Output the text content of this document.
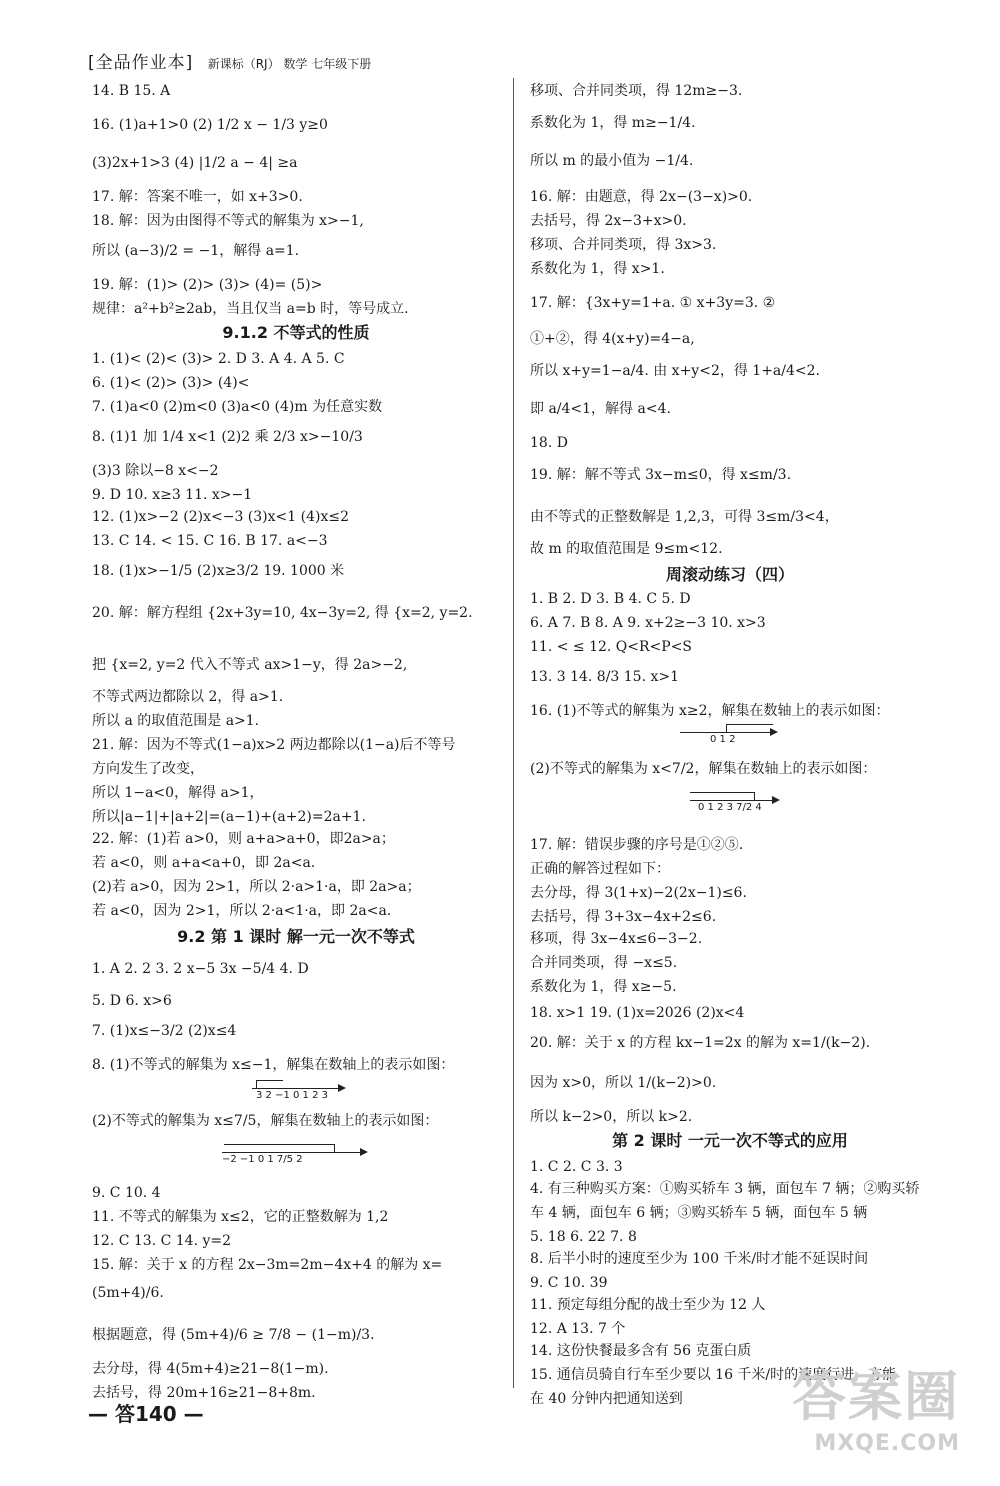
[全品作业本] 新课标（RJ） 数学 七年级下册
14. B 15. A
16. (1)a+1>0 (2) 1/2 x − 1/3 y≥0
(3)2x+1>3 (4) |1/2 a − 4| ≥a
17. 解：答案不唯一，如 x+3>0.
18. 解：因为由图得不等式的解集为 x>−1,
所以 (a−3)/2 = −1，解得 a=1.
19. 解：(1)> (2)> (3)> (4)= (5)>
规律：a²+b²≥2ab，当且仅当 a=b 时，等号成立.
9.1.2 不等式的性质
1. (1)< (2)< (3)> 2. D 3. A 4. A 5. C
6. (1)< (2)> (3)> (4)<
7. (1)a<0 (2)m<0 (3)a<0 (4)m 为任意实数
8. (1)1 加 1/4 x<1 (2)2 乘 2/3 x>−10/3
(3)3 除以−8 x<−2
9. D 10. x≥3 11. x>−1
12. (1)x>−2 (2)x<−3 (3)x<1 (4)x≤2
13. C 14. < 15. C 16. B 17. a<−3
18. (1)x>−1/5 (2)x≥3/2 19. 1000 米
20. 解：解方程组 {2x+3y=10, 4x−3y=2, 得 {x=2, y=2.
把 {x=2, y=2 代入不等式 ax>1−y，得 2a>−2,
不等式两边都除以 2，得 a>1.
所以 a 的取值范围是 a>1.
21. 解：因为不等式(1−a)x>2 两边都除以(1−a)后不等号
方向发生了改变，
所以 1−a<0，解得 a>1，
所以|a−1|+|a+2|=(a−1)+(a+2)=2a+1.
22. 解：(1)若 a>0，则 a+a>a+0，即2a>a；
若 a<0，则 a+a<a+0，即 2a<a.
(2)若 a>0，因为 2>1，所以 2·a>1·a，即 2a>a；
若 a<0，因为 2>1，所以 2·a<1·a，即 2a<a.
9.2 第 1 课时 解一元一次不等式
1. A 2. 2 3. 2 x−5 3x −5/4 4. D
5. D 6. x>6
7. (1)x≤−3/2 (2)x≤4
8. (1)不等式的解集为 x≤−1，解集在数轴上的表示如图：
3 2 −1 0 1 2 3
(2)不等式的解集为 x≤7/5，解集在数轴上的表示如图：
−2 −1 0 1 7/5 2
9. C 10. 4
11. 不等式的解集为 x≤2，它的正整数解为 1,2
12. C 13. C 14. y=2
15. 解：关于 x 的方程 2x−3m=2m−4x+4 的解为 x=
(5m+4)/6.
根据题意，得 (5m+4)/6 ≥ 7/8 − (1−m)/3.
去分母，得 4(5m+4)≥21−8(1−m).
去括号，得 20m+16≥21−8+8m.
移项、合并同类项，得 12m≥−3.
系数化为 1，得 m≥−1/4.
所以 m 的最小值为 −1/4.
16. 解：由题意，得 2x−(3−x)>0.
去括号，得 2x−3+x>0.
移项、合并同类项，得 3x>3.
系数化为 1，得 x>1.
17. 解：{3x+y=1+a. ① x+3y=3. ②
①+②，得 4(x+y)=4−a,
所以 x+y=1−a/4. 由 x+y<2，得 1+a/4<2.
即 a/4<1，解得 a<4.
18. D
19. 解：解不等式 3x−m≤0，得 x≤m/3.
由不等式的正整数解是 1,2,3，可得 3≤m/3<4，
故 m 的取值范围是 9≤m<12.
周滚动练习（四）
1. B 2. D 3. B 4. C 5. D
6. A 7. B 8. A 9. x+2≥−3 10. x>3
11. < ≤ 12. Q<R<P<S
13. 3 14. 8/3 15. x>1
16. (1)不等式的解集为 x≥2，解集在数轴上的表示如图：
0 1 2
(2)不等式的解集为 x<7/2，解集在数轴上的表示如图：
0 1 2 3 7/2 4
17. 解：错误步骤的序号是①②⑤.
正确的解答过程如下：
去分母，得 3(1+x)−2(2x−1)≤6.
去括号，得 3+3x−4x+2≤6.
移项，得 3x−4x≤6−3−2.
合并同类项，得 −x≤5.
系数化为 1，得 x≥−5.
18. x>1 19. (1)x=2026 (2)x<4
20. 解：关于 x 的方程 kx−1=2x 的解为 x=1/(k−2).
因为 x>0，所以 1/(k−2)>0.
所以 k−2>0，所以 k>2.
第 2 课时 一元一次不等式的应用
1. C 2. C 3. 3
4. 有三种购买方案：①购买轿车 3 辆，面包车 7 辆；②购买轿
车 4 辆，面包车 6 辆；③购买轿车 5 辆，面包车 5 辆
5. 18 6. 22 7. 8
8. 后半小时的速度至少为 100 千米/时才能不延误时间
9. C 10. 39
11. 预定每组分配的战士至少为 12 人
12. A 13. 7 个
14. 这份快餐最多含有 56 克蛋白质
15. 通信员骑自行车至少要以 16 千米/时的速度行进，方能
在 40 分钟内把通知送到
— 答140 —	答案圈
MXQE.COM
